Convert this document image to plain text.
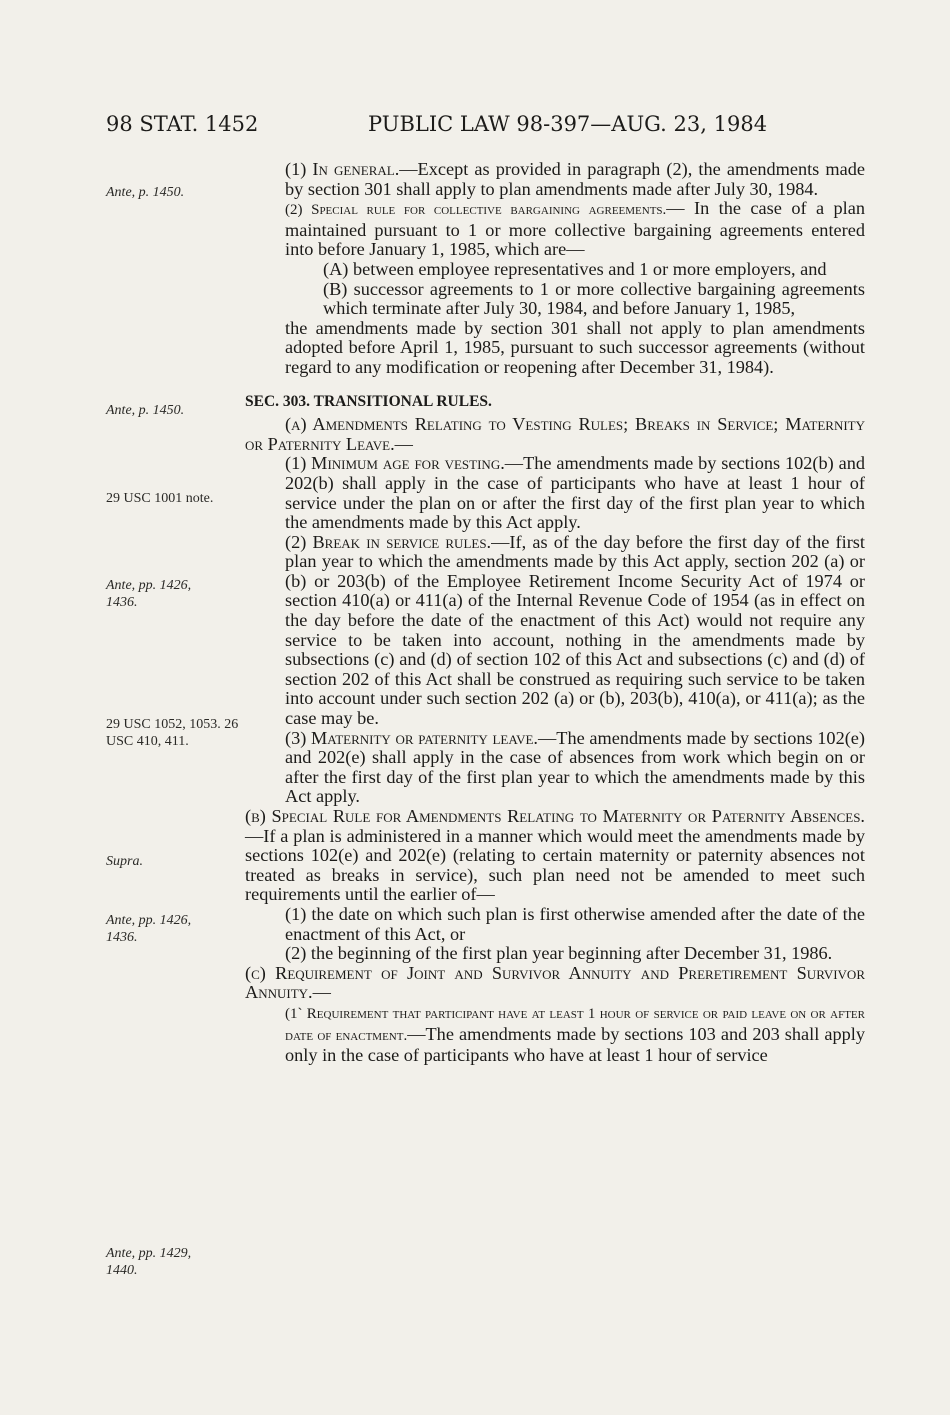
98 STAT. 1452	PUBLIC LAW 98-397—AUG. 23, 1984
Ante, p. 1450.
Ante, p. 1450.
29 USC 1001 note.
Ante, pp. 1426, 1436.
29 USC 1052, 1053. 26 USC 410, 411.
Supra.
Ante, pp. 1426, 1436.
Ante, pp. 1429, 1440.

(1) In general.—Except as provided in paragraph (2), the amendments made by section 301 shall apply to plan amendments made after July 30, 1984.

(2) Special rule for collective bargaining agreements.— In the case of a plan maintained pursuant to 1 or more collective bargaining agreements entered into before January 1, 1985, which are—

(A) between employee representatives and 1 or more employers, and

(B) successor agreements to 1 or more collective bargaining agreements which terminate after July 30, 1984, and before January 1, 1985,

the amendments made by section 301 shall not apply to plan amendments adopted before April 1, 1985, pursuant to such successor agreements (without regard to any modification or reopening after December 31, 1984).

SEC. 303. TRANSITIONAL RULES.

(a) Amendments Relating to Vesting Rules; Breaks in Service; Maternity or Paternity Leave.—

(1) Minimum age for vesting.—The amendments made by sections 102(b) and 202(b) shall apply in the case of participants who have at least 1 hour of service under the plan on or after the first day of the first plan year to which the amendments made by this Act apply.

(2) Break in service rules.—If, as of the day before the first day of the first plan year to which the amendments made by this Act apply, section 202 (a) or (b) or 203(b) of the Employee Retirement Income Security Act of 1974 or section 410(a) or 411(a) of the Internal Revenue Code of 1954 (as in effect on the day before the date of the enactment of this Act) would not require any service to be taken into account, nothing in the amendments made by subsections (c) and (d) of section 102 of this Act and subsections (c) and (d) of section 202 of this Act shall be construed as requiring such service to be taken into account under such section 202 (a) or (b), 203(b), 410(a), or 411(a); as the case may be.

(3) Maternity or paternity leave.—The amendments made by sections 102(e) and 202(e) shall apply in the case of absences from work which begin on or after the first day of the first plan year to which the amendments made by this Act apply.

(b) Special Rule for Amendments Relating to Maternity or Paternity Absences.—If a plan is administered in a manner which would meet the amendments made by sections 102(e) and 202(e) (relating to certain maternity or paternity absences not treated as breaks in service), such plan need not be amended to meet such requirements until the earlier of—

(1) the date on which such plan is first otherwise amended after the date of the enactment of this Act, or

(2) the beginning of the first plan year beginning after December 31, 1986.

(c) Requirement of Joint and Survivor Annuity and Preretirement Survivor Annuity.—

(1` Requirement that participant have at least 1 hour of service or paid leave on or after date of enactment.—The amendments made by sections 103 and 203 shall apply only in the case of participants who have at least 1 hour of service
